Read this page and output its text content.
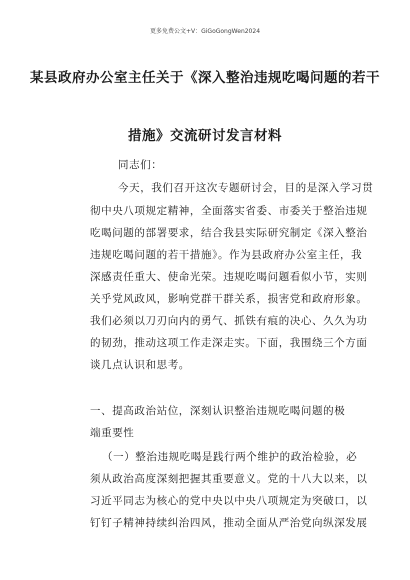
更多免费公文+V：GiGoGongWen2024
某县政府办公室主任关于《深入整治违规吃喝问题的若干
措施》交流研讨发言材料
同志们：
今天，我们召开这次专题研讨会，目的是深入学习贯
彻中央八项规定精神，全面落实省委、市委关于整治违规
吃喝问题的部署要求，结合我县实际研究制定《深入整治
违规吃喝问题的若干措施》。作为县政府办公室主任，我
深感责任重大、使命光荣。违规吃喝问题看似小节，实则
关乎党风政风，影响党群干群关系，损害党和政府形象。
我们必须以刀刃向内的勇气、抓铁有痕的决心、久久为功
的韧劲，推动这项工作走深走实。下面，我围绕三个方面
谈几点认识和思考。
一、提高政治站位，深刻认识整治违规吃喝问题的极
端重要性
（一）整治违规吃喝是践行两个维护的政治检验，必
须从政治高度深刻把握其重要意义。党的十八大以来，以
习近平同志为核心的党中央以中央八项规定为突破口，以
钉钉子精神持续纠治四风，推动全面从严治党向纵深发展
